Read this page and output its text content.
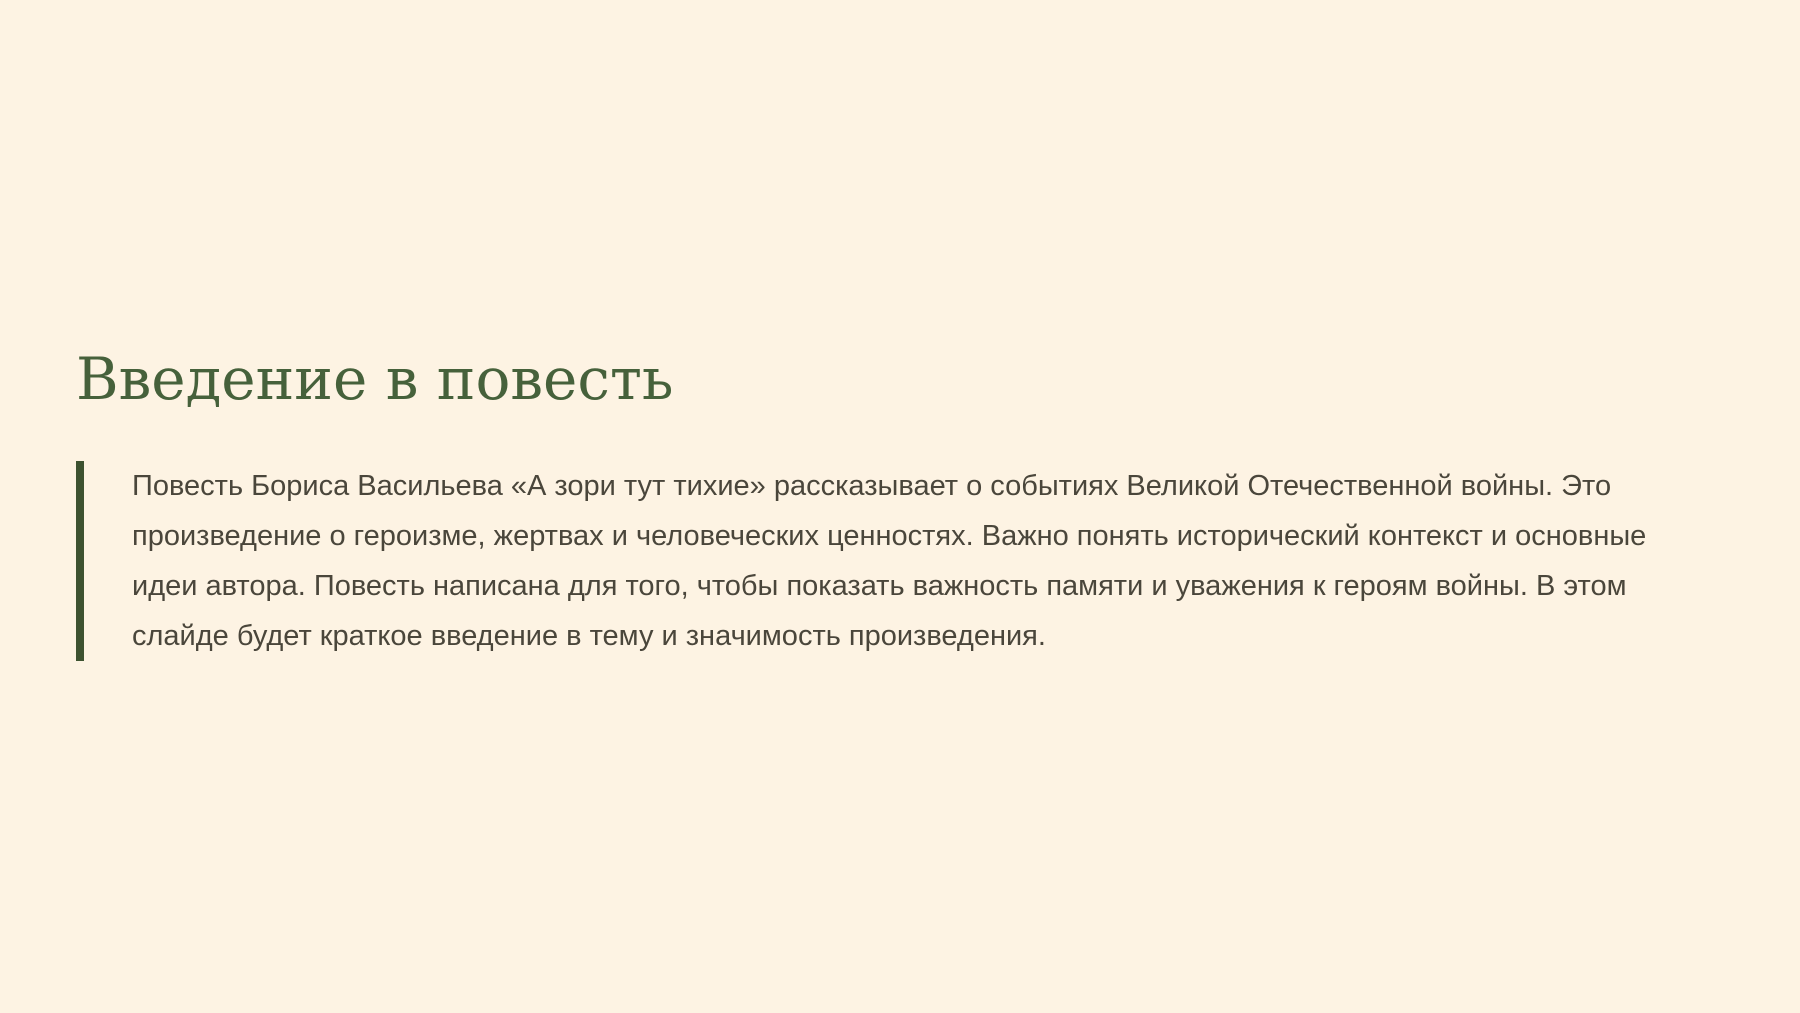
Введение в повесть

Повесть Бориса Васильева «А зори тут тихие» рассказывает о событиях Великой Отечественной войны. Это произведение о героизме, жертвах и человеческих ценностях. Важно понять исторический контекст и основные идеи автора. Повесть написана для того, чтобы показать важность памяти и уважения к героям войны. В этом слайде будет краткое введение в тему и значимость произведения.
